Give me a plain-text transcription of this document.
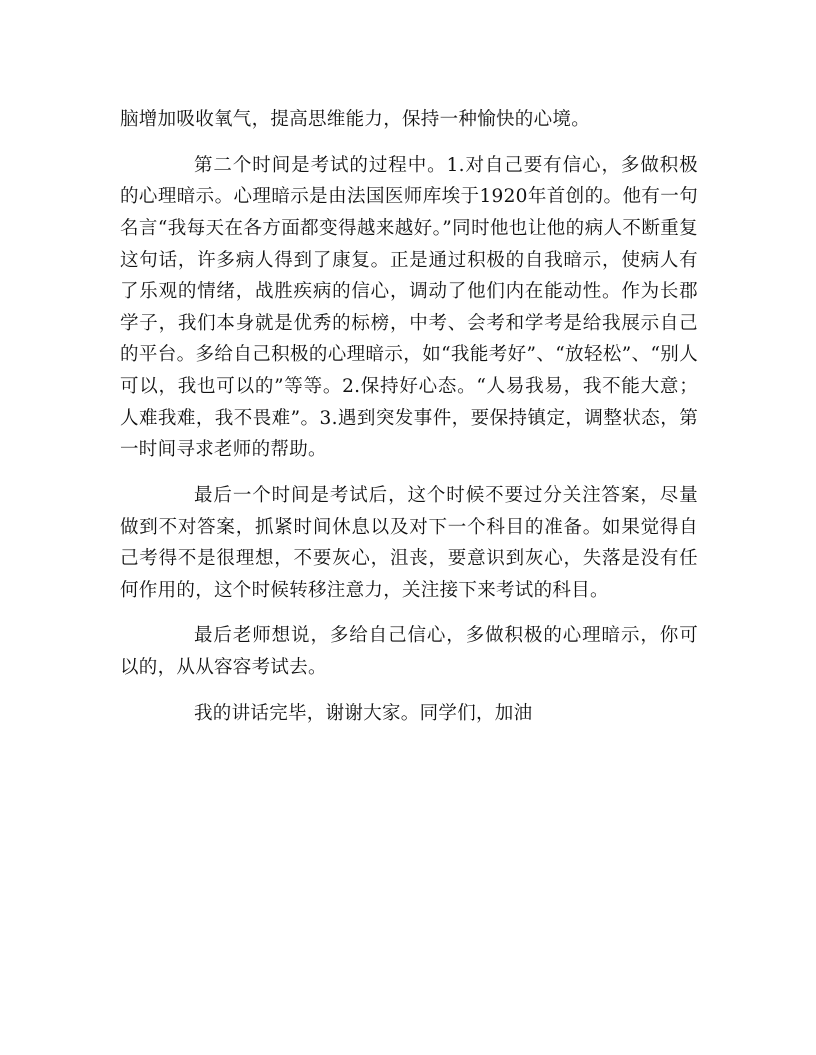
脑增加吸收氧气，提高思维能力，保持一种愉快的心境。

第二个时间是考试的过程中。1.对自己要有信心，多做积极的心理暗示。心理暗示是由法国医师库埃于1920年首创的。他有一句名言“我每天在各方面都变得越来越好。”同时他也让他的病人不断重复这句话，许多病人得到了康复。正是通过积极的自我暗示，使病人有了乐观的情绪，战胜疾病的信心，调动了他们内在能动性。作为长郡学子，我们本身就是优秀的标榜，中考、会考和学考是给我展示自己的平台。多给自己积极的心理暗示，如“我能考好”、“放轻松”、“别人可以，我也可以的”等等。2.保持好心态。“人易我易，我不能大意；人难我难，我不畏难”。3.遇到突发事件，要保持镇定，调整状态，第一时间寻求老师的帮助。

最后一个时间是考试后，这个时候不要过分关注答案，尽量做到不对答案，抓紧时间休息以及对下一个科目的准备。如果觉得自己考得不是很理想，不要灰心，沮丧，要意识到灰心，失落是没有任何作用的，这个时候转移注意力，关注接下来考试的科目。

最后老师想说，多给自己信心，多做积极的心理暗示，你可以的，从从容容考试去。

我的讲话完毕，谢谢大家。同学们，加油
